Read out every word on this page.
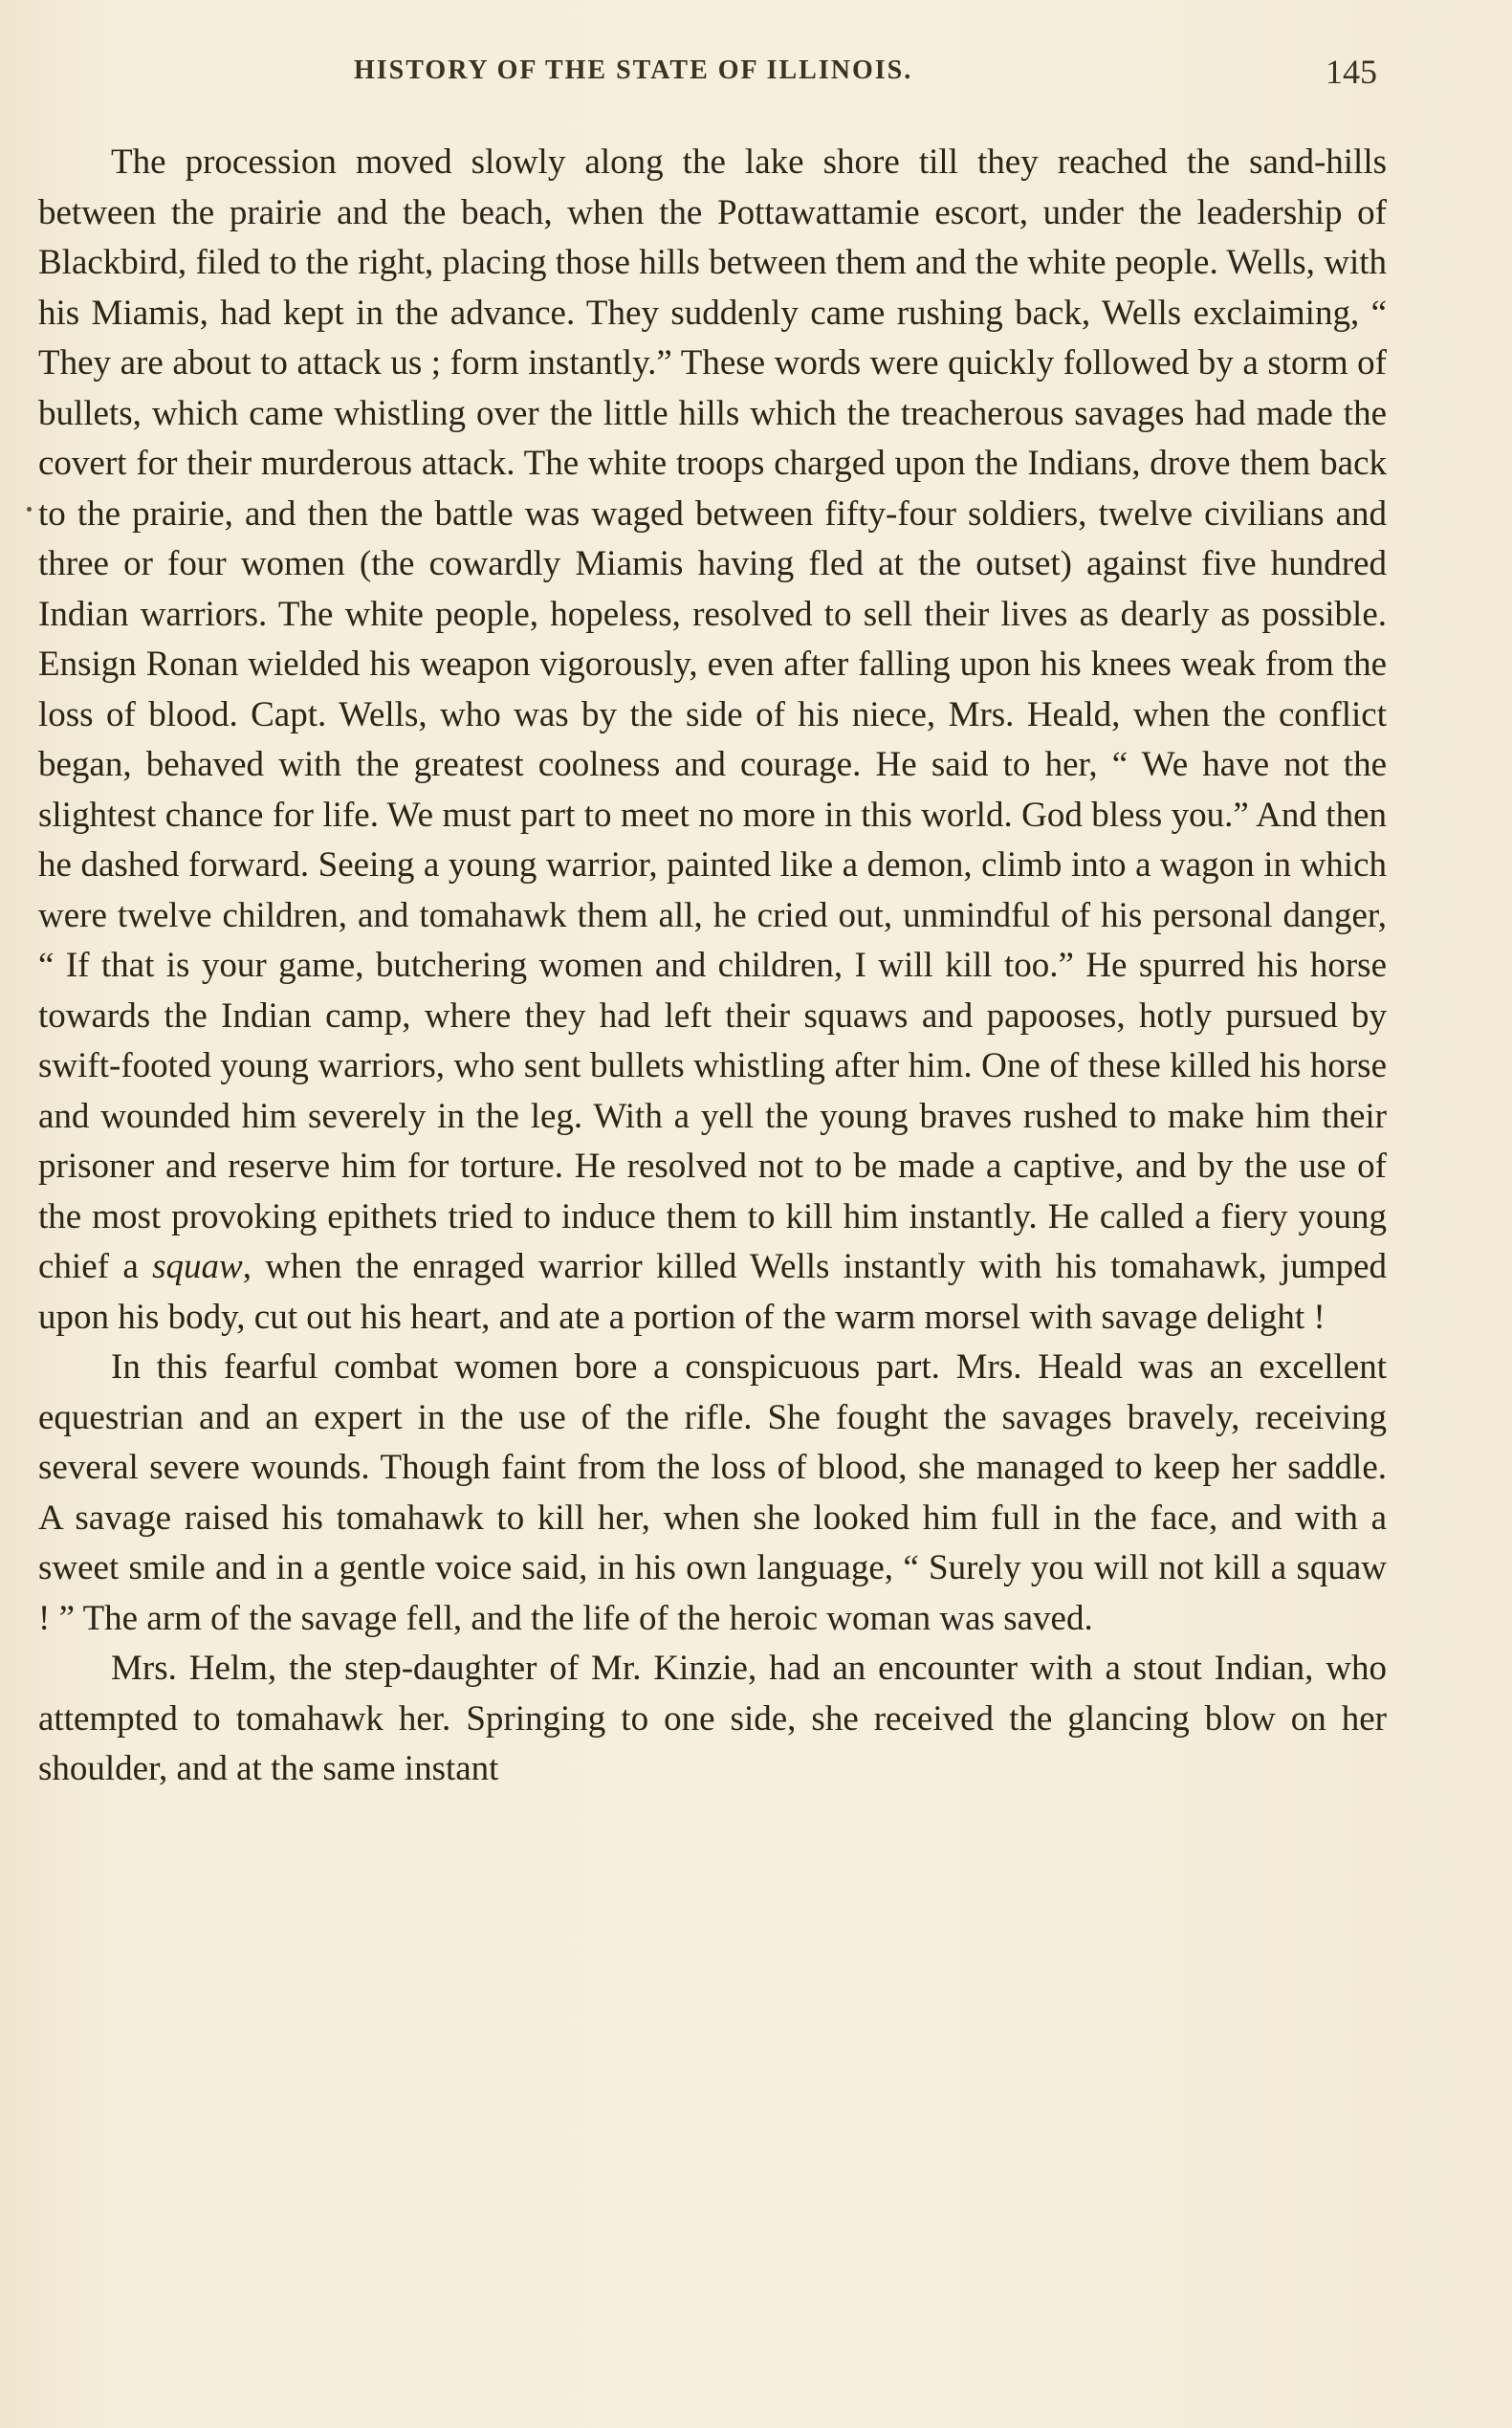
HISTORY OF THE STATE OF ILLINOIS.	145

The procession moved slowly along the lake shore till they reached the sand-hills between the prairie and the beach, when the Pottawattamie escort, under the leadership of Blackbird, filed to the right, placing those hills between them and the white people. Wells, with his Miamis, had kept in the advance. They suddenly came rushing back, Wells exclaiming, “ They are about to attack us ; form instantly.” These words were quickly followed by a storm of bullets, which came whistling over the little hills which the treacherous savages had made the covert for their murderous attack. The white troops charged upon the Indians, drove them back to the prairie, and then the battle was waged between fifty-four soldiers, twelve civilians and three or four women (the cowardly Miamis having fled at the outset) against five hundred Indian warriors. The white people, hopeless, resolved to sell their lives as dearly as possible. Ensign Ronan wielded his weapon vigorously, even after falling upon his knees weak from the loss of blood. Capt. Wells, who was by the side of his niece, Mrs. Heald, when the conflict began, behaved with the greatest coolness and courage. He said to her, “ We have not the slightest chance for life. We must part to meet no more in this world. God bless you.” And then he dashed forward. Seeing a young warrior, painted like a demon, climb into a wagon in which were twelve children, and tomahawk them all, he cried out, unmindful of his personal danger, “ If that is your game, butchering women and children, I will kill too.” He spurred his horse towards the Indian camp, where they had left their squaws and papooses, hotly pursued by swift-footed young warriors, who sent bullets whistling after him. One of these killed his horse and wounded him severely in the leg. With a yell the young braves rushed to make him their prisoner and reserve him for torture. He resolved not to be made a captive, and by the use of the most provoking epithets tried to induce them to kill him instantly. He called a fiery young chief a squaw, when the enraged warrior killed Wells instantly with his tomahawk, jumped upon his body, cut out his heart, and ate a portion of the warm morsel with savage delight !

In this fearful combat women bore a conspicuous part. Mrs. Heald was an excellent equestrian and an expert in the use of the rifle. She fought the savages bravely, receiving several severe wounds. Though faint from the loss of blood, she managed to keep her saddle. A savage raised his tomahawk to kill her, when she looked him full in the face, and with a sweet smile and in a gentle voice said, in his own language, “ Surely you will not kill a squaw ! ” The arm of the savage fell, and the life of the heroic woman was saved.

Mrs. Helm, the step-daughter of Mr. Kinzie, had an encounter with a stout Indian, who attempted to tomahawk her. Springing to one side, she received the glancing blow on her shoulder, and at the same instant
